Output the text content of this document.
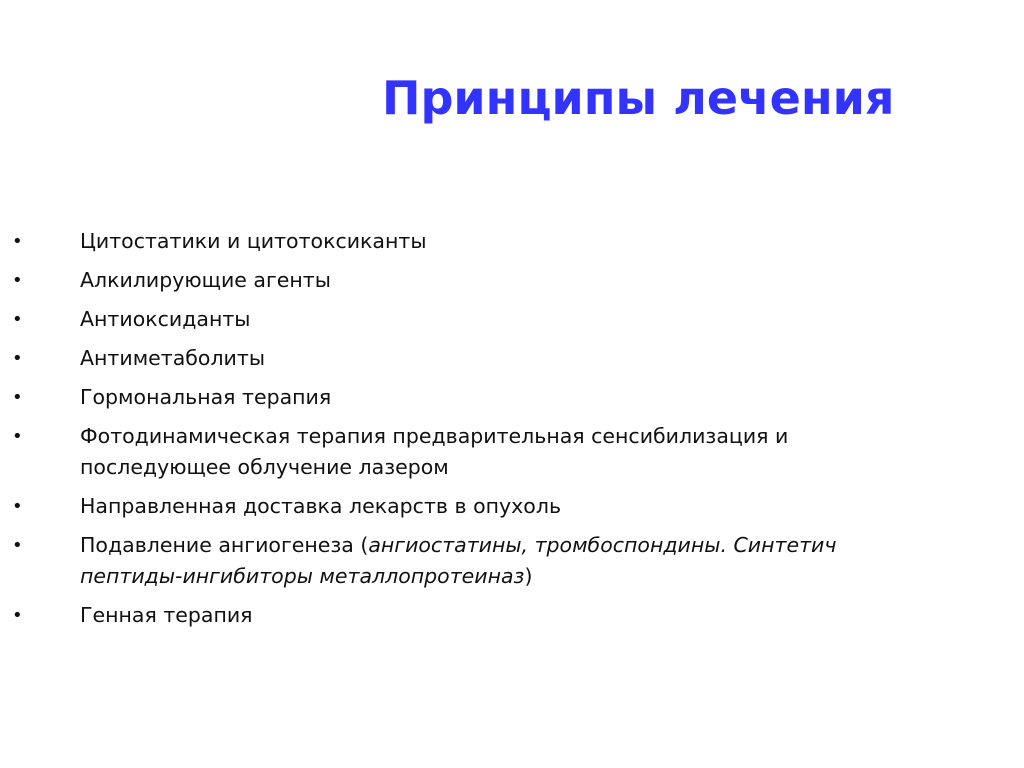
Принципы лечения
•	Цитостатики и цитотоксиканты
•	Алкилирующие агенты
•	Антиоксиданты
•	Антиметаболиты
•	Гормональная терапия
•	Фотодинамическая терапия предварительная сенсибилизация и
последующее облучение лазером
•	Направленная доставка лекарств в опухоль
•	Подавление ангиогенеза (ангиостатины, тромбоспондины. Синтетич
пептиды-ингибиторы металлопротеиназ)
•	Генная терапия
